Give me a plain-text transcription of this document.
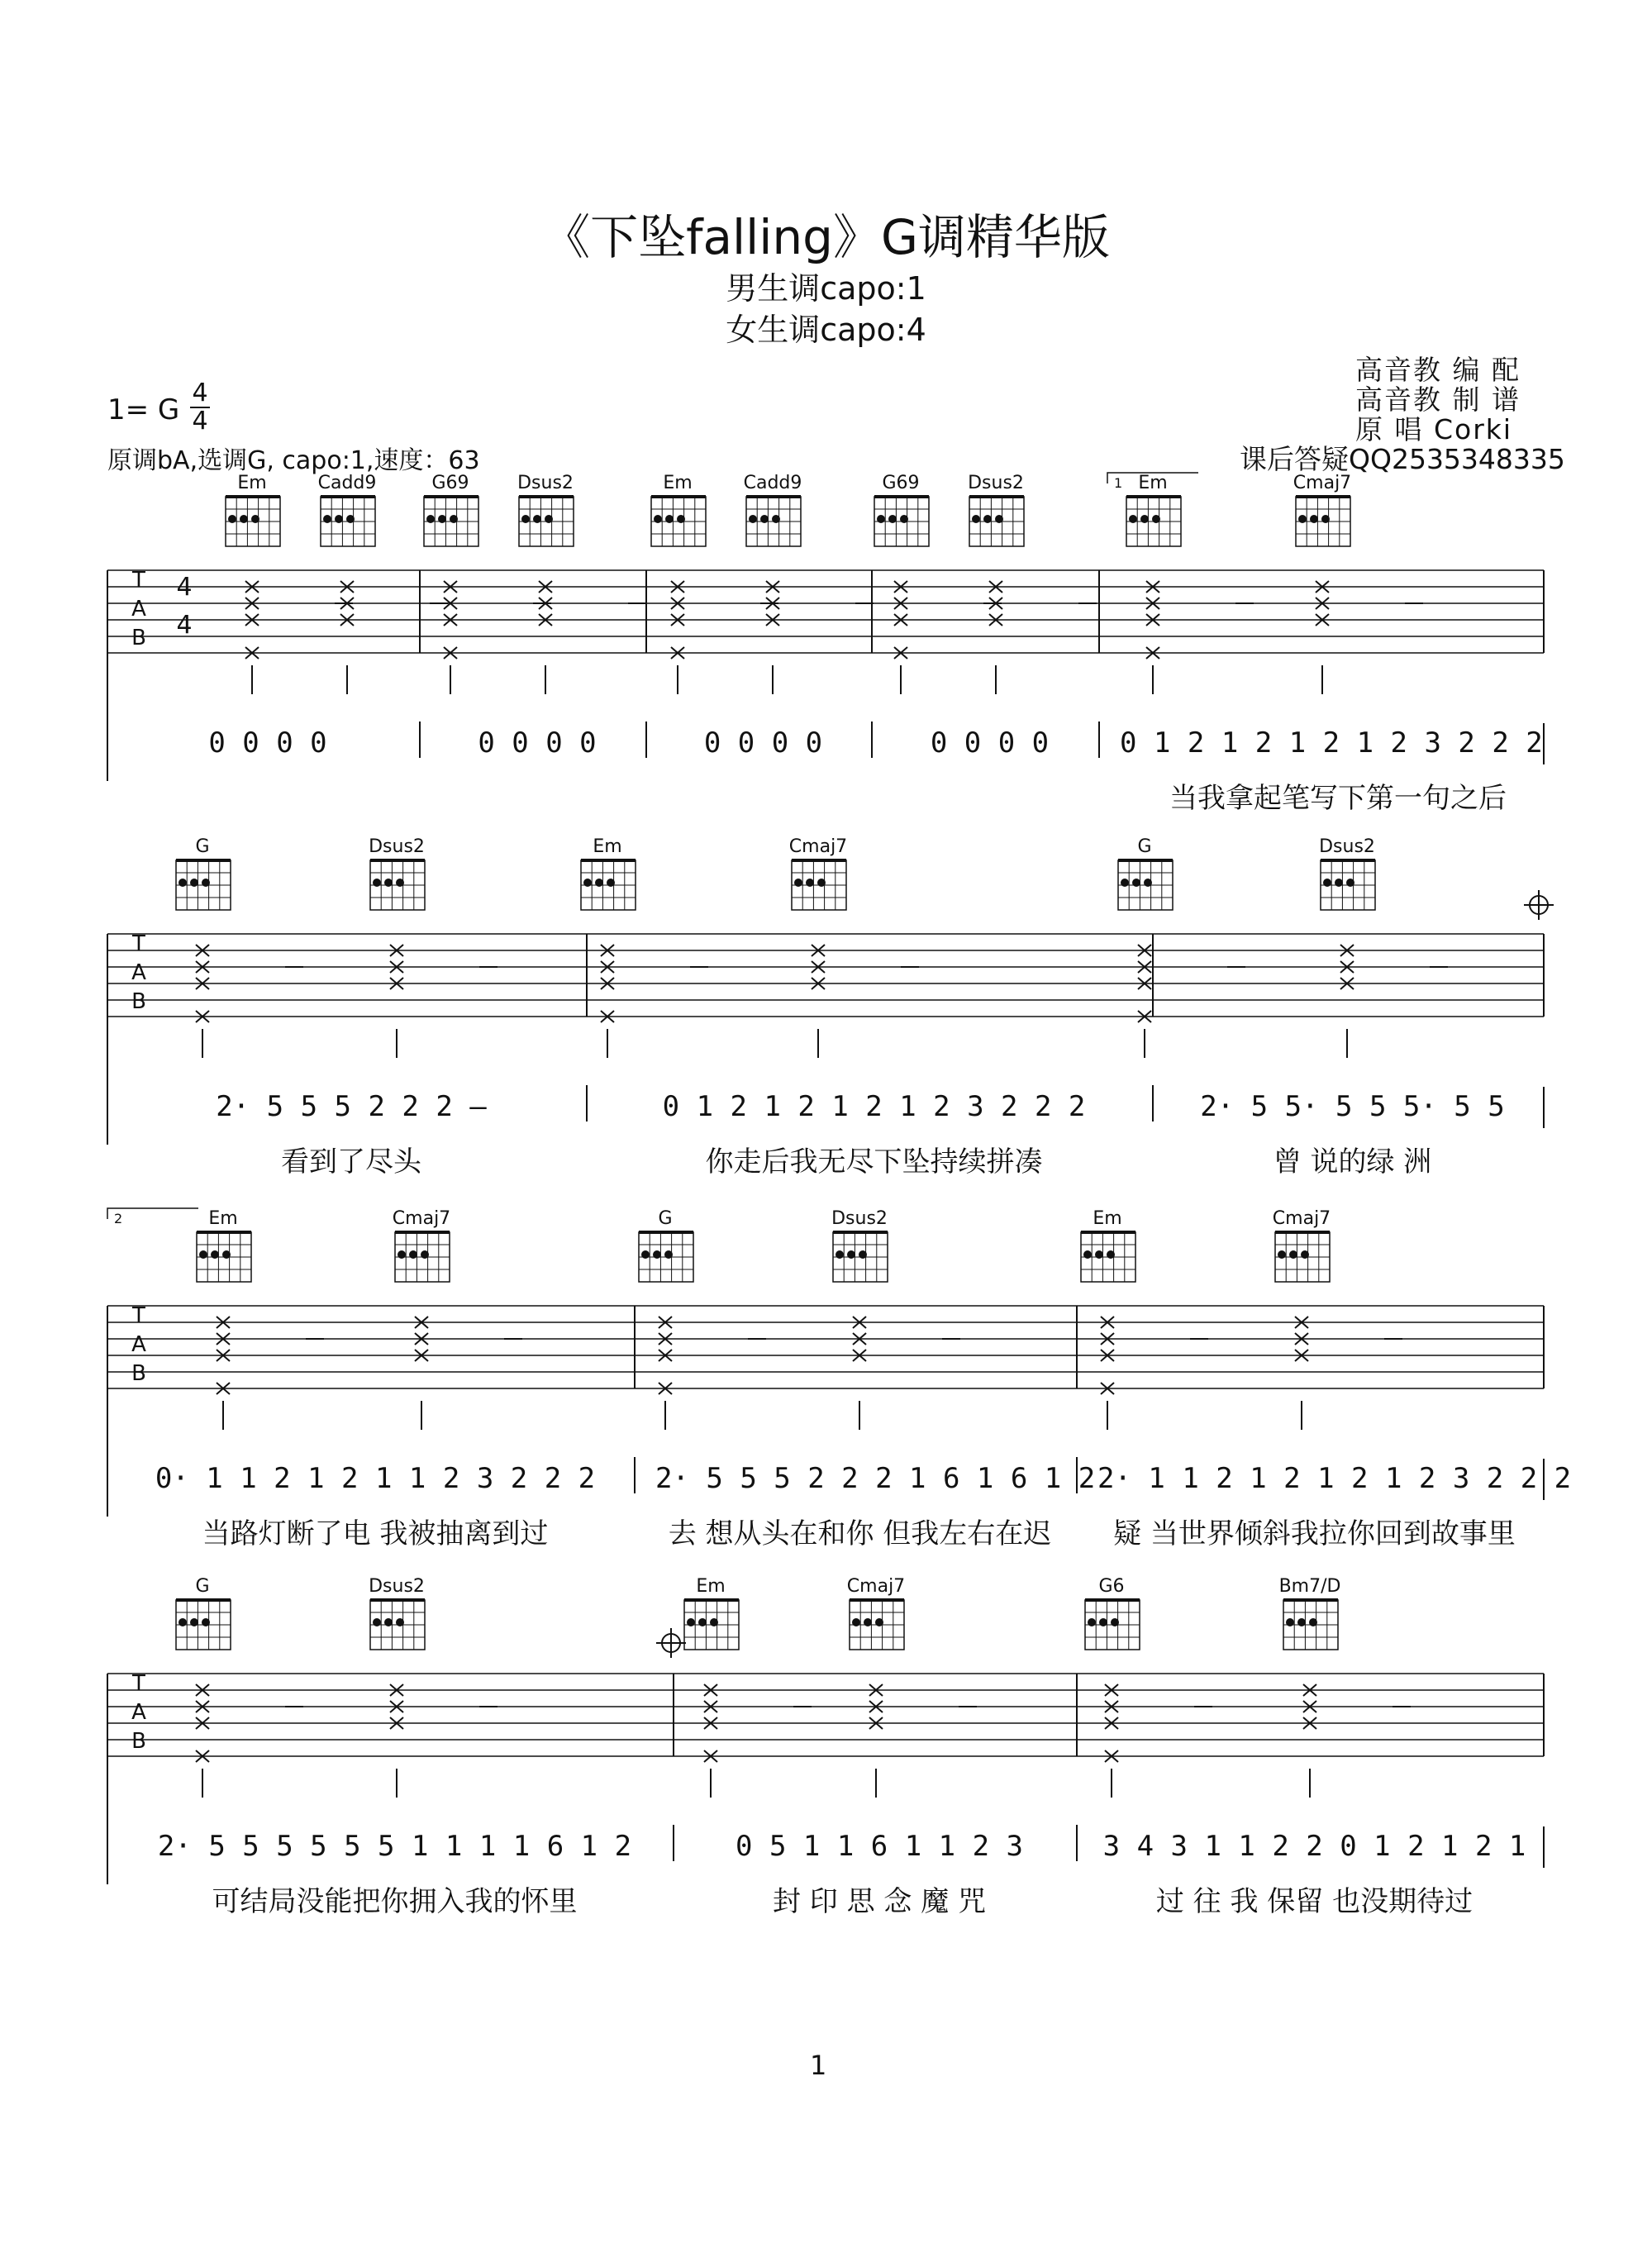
《下坠falling》G调精华版
男生调capo:1
女生调capo:4
高音教 编 配
高音教 制 谱
原 唱 Corki
课后答疑QQ2535348335
1= G
4
4
原调bA,选调G, capo:1,速度：63
T
A
B
4
4
Em	Cadd9	G69	Dsus2	Em	Cadd9	G69	Dsus2	Em	Cmaj7
1
T
A
B
G	Dsus2	Em	Cmaj7	G	Dsus2
T
A
B
Em	Cmaj7	G	Dsus2	Em	Cmaj7
2
T
A
B
G	Dsus2	Em	Cmaj7	G6	Bm7/D
0 0 0 0	0 0 0 0	0 0 0 0	0 0 0 0	0 1 2 1 2 1 2 1 2 3 2 2 2
当我拿起笔写下第一句之后
2· 5 5 5 2 2 2 —	0 1 2 1 2 1 2 1 2 3 2 2 2	2· 5 5· 5 5 5· 5 5
看到了尽头	你走后我无尽下坠持续拼凑	曾 说的绿 洲
0· 1 1 2 1 2 1 1 2 3 2 2 2	2· 5 5 5 2 2 2 1 6 1 6 1 2 2· 1 1 2 1 2 1 2 1 2 3 2 2 2
当路灯断了电 我被抽离到过	去 想从头在和你 但我左右在迟	疑 当世界倾斜我拉你回到故事里
2· 5 5 5 5 5 5 1 1 1 1 6 1 2	0 5 1 1 6 1 1 2 3	3 4 3 1 1 2 2 0 1 2 1 2 1
可结局没能把你拥入我的怀里	封 印 思 念 魔 咒	过 往 我 保留 也没期待过
1
